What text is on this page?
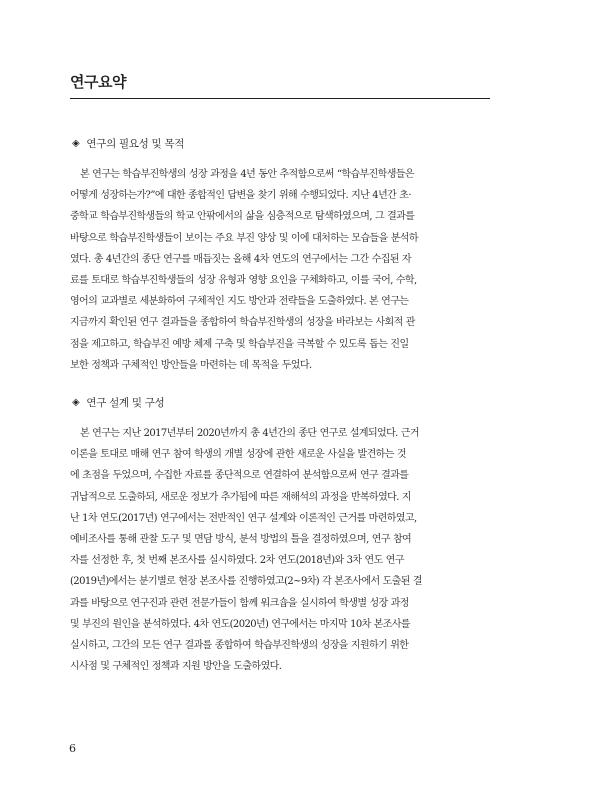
연구요약
◈ 연구의 필요성 및 목적

본 연구는 학습부진학생의 성장 과정을 4년 동안 추적함으로써 “학습부진학생들은
어떻게 성장하는가?”에 대한 종합적인 답변을 찾기 위해 수행되었다. 지난 4년간 초·
중학교 학습부진학생들의 학교 안팎에서의 삶을 심층적으로 탐색하였으며, 그 결과를
바탕으로 학습부진학생들이 보이는 주요 부진 양상 및 이에 대처하는 모습들을 분석하
였다. 총 4년간의 종단 연구를 매듭짓는 올해 4차 연도의 연구에서는 그간 수집된 자
료를 토대로 학습부진학생들의 성장 유형과 영향 요인을 구체화하고, 이를 국어, 수학,
영어의 교과별로 세분화하여 구체적인 지도 방안과 전략들을 도출하였다. 본 연구는
지금까지 확인된 연구 결과들을 종합하여 학습부진학생의 성장을 바라보는 사회적 관
점을 제고하고, 학습부진 예방 체제 구축 및 학습부진을 극복할 수 있도록 돕는 진일
보한 정책과 구체적인 방안들을 마련하는 데 목적을 두었다.

◈ 연구 설계 및 구성

본 연구는 지난 2017년부터 2020년까지 총 4년간의 종단 연구로 설계되었다. 근거
이론을 토대로 매해 연구 참여 학생의 개별 성장에 관한 새로운 사실을 발견하는 것
에 초점을 두었으며, 수집한 자료를 종단적으로 연결하여 분석함으로써 연구 결과를
귀납적으로 도출하되, 새로운 정보가 추가됨에 따른 재해석의 과정을 반복하였다. 지
난 1차 연도(2017년) 연구에서는 전반적인 연구 설계와 이론적인 근거를 마련하였고,
예비조사를 통해 관찰 도구 및 면담 방식, 분석 방법의 틀을 결정하였으며, 연구 참여
자를 선정한 후, 첫 번째 본조사를 실시하였다. 2차 연도(2018년)와 3차 연도 연구
(2019년)에서는 분기별로 현장 본조사를 진행하였고(2~9차) 각 본조사에서 도출된 결
과를 바탕으로 연구진과 관련 전문가들이 함께 워크숍을 실시하여 학생별 성장 과정
및 부진의 원인을 분석하였다. 4차 연도(2020년) 연구에서는 마지막 10차 본조사를
실시하고, 그간의 모든 연구 결과를 종합하여 학습부진학생의 성장을 지원하기 위한
시사점 및 구체적인 정책과 지원 방안을 도출하였다.

6
